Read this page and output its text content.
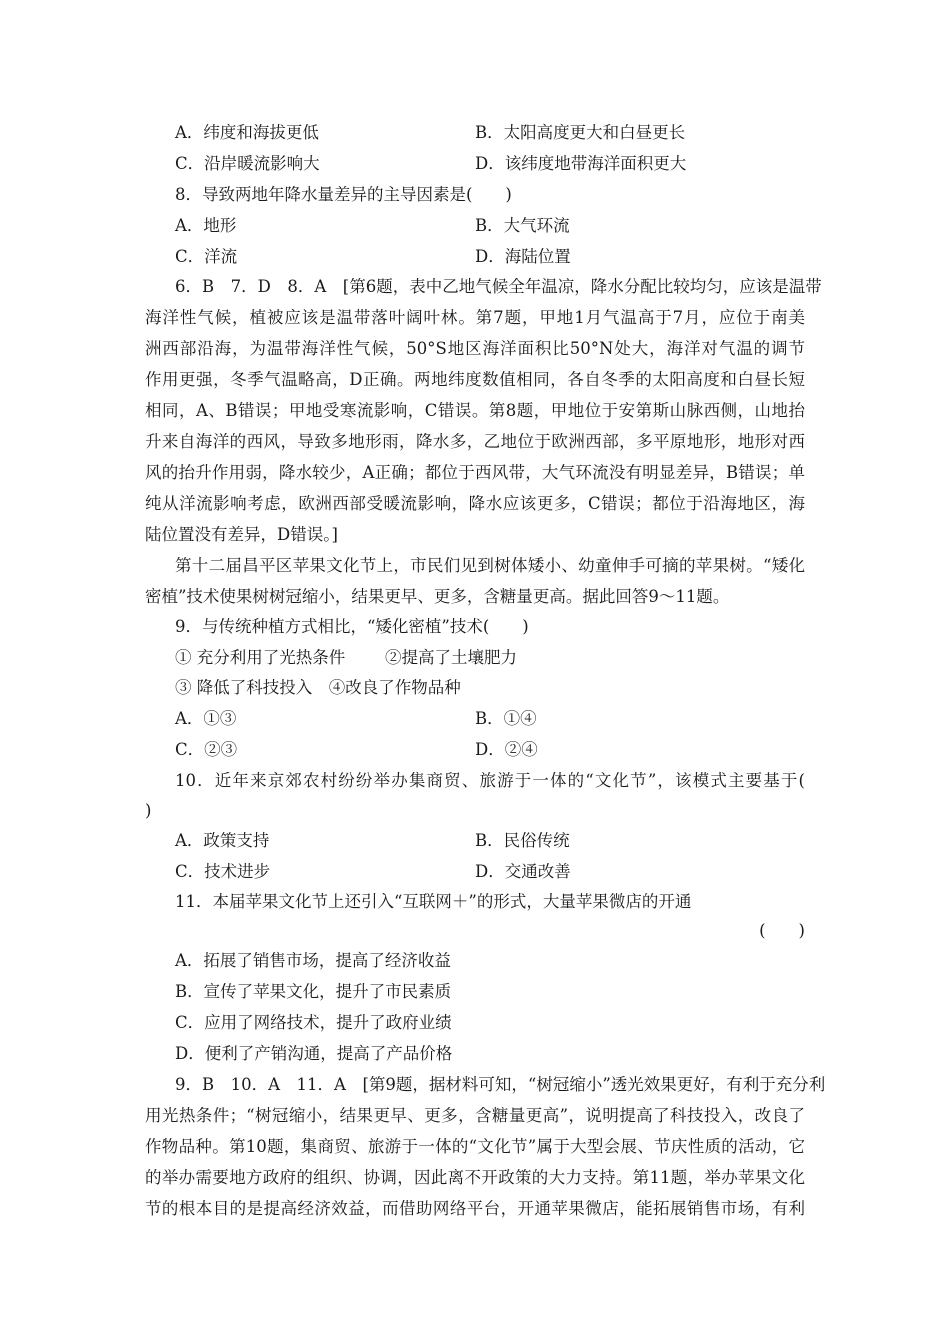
A．纬度和海拔更低	B．太阳高度更大和白昼更长
C．沿岸暖流影响大	D．该纬度地带海洋面积更大
8．导致两地年降水量差异的主导因素是(　　)
A．地形	B．大气环流
C．洋流	D．海陆位置
6．B　7．D　8．A　[第6题，表中乙地气候全年温凉，降水分配比较均匀，应该是温带
海洋性气候，植被应该是温带落叶阔叶林。第7题，甲地1月气温高于7月，应位于南美
洲西部沿海，为温带海洋性气候，50°S地区海洋面积比50°N处大，海洋对气温的调节
作用更强，冬季气温略高，D正确。两地纬度数值相同，各自冬季的太阳高度和白昼长短
相同，A、B错误；甲地受寒流影响，C错误。第8题，甲地位于安第斯山脉西侧，山地抬
升来自海洋的西风，导致多地形雨，降水多，乙地位于欧洲西部，多平原地形，地形对西
风的抬升作用弱，降水较少，A正确；都位于西风带，大气环流没有明显差异，B错误；单
纯从洋流影响考虑，欧洲西部受暖流影响，降水应该更多，C错误；都位于沿海地区，海
陆位置没有差异，D错误。]
第十二届昌平区苹果文化节上，市民们见到树体矮小、幼童伸手可摘的苹果树。“矮化
密植”技术使果树树冠缩小，结果更早、更多，含糖量更高。据此回答9～11题。
9．与传统种植方式相比，“矮化密植”技术(　　)
① 充分利用了光热条件 ②提高了土壤肥力
③ 降低了科技投入　④改良了作物品种
A．①③	B．①④
C．②③	D．②④
10．近年来京郊农村纷纷举办集商贸、旅游于一体的“文化节”，该模式主要基于(
)
A．政策支持	B．民俗传统
C．技术进步	D．交通改善
11．本届苹果文化节上还引入“互联网＋”的形式，大量苹果微店的开通
(　　)
A．拓展了销售市场，提高了经济收益
B．宣传了苹果文化，提升了市民素质
C．应用了网络技术，提升了政府业绩
D．便利了产销沟通，提高了产品价格
9．B　10．A　11．A　[第9题，据材料可知，“树冠缩小”透光效果更好，有利于充分利
用光热条件；“树冠缩小，结果更早、更多，含糖量更高”，说明提高了科技投入，改良了
作物品种。第10题，集商贸、旅游于一体的“文化节”属于大型会展、节庆性质的活动，它
的举办需要地方政府的组织、协调，因此离不开政策的大力支持。第11题，举办苹果文化
节的根本目的是提高经济效益，而借助网络平台，开通苹果微店，能拓展销售市场，有利
